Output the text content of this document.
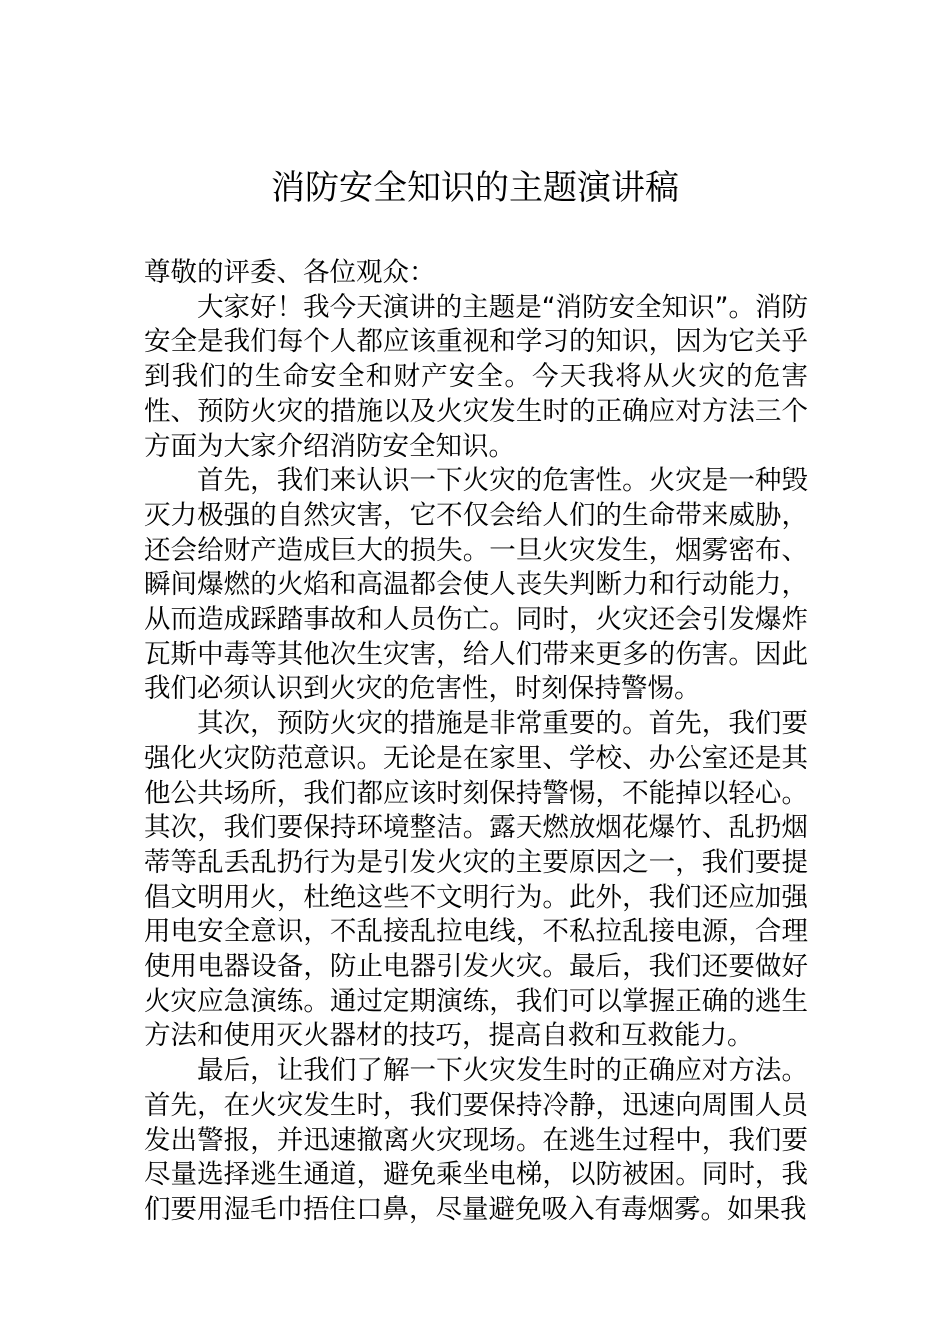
消防安全知识的主题演讲稿

尊敬的评委、各位观众：

大家好！我今天演讲的主题是“消防安全知识”。消防安全是我们每个人都应该重视和学习的知识，因为它关乎到我们的生命安全和财产安全。今天我将从火灾的危害性、预防火灾的措施以及火灾发生时的正确应对方法三个方面为大家介绍消防安全知识。

首先，我们来认识一下火灾的危害性。火灾是一种毁灭力极强的自然灾害，它不仅会给人们的生命带来威胁，还会给财产造成巨大的损失。一旦火灾发生，烟雾密布、瞬间爆燃的火焰和高温都会使人丧失判断力和行动能力，从而造成踩踏事故和人员伤亡。同时，火灾还会引发爆炸瓦斯中毒等其他次生灾害，给人们带来更多的伤害。因此我们必须认识到火灾的危害性，时刻保持警惕。

其次，预防火灾的措施是非常重要的。首先，我们要强化火灾防范意识。无论是在家里、学校、办公室还是其他公共场所，我们都应该时刻保持警惕，不能掉以轻心。其次，我们要保持环境整洁。露天燃放烟花爆竹、乱扔烟蒂等乱丢乱扔行为是引发火灾的主要原因之一，我们要提倡文明用火，杜绝这些不文明行为。此外，我们还应加强用电安全意识，不乱接乱拉电线，不私拉乱接电源，合理使用电器设备，防止电器引发火灾。最后，我们还要做好火灾应急演练。通过定期演练，我们可以掌握正确的逃生方法和使用灭火器材的技巧，提高自救和互救能力。

最后，让我们了解一下火灾发生时的正确应对方法。首先，在火灾发生时，我们要保持冷静，迅速向周围人员发出警报，并迅速撤离火灾现场。在逃生过程中，我们要尽量选择逃生通道，避免乘坐电梯，以防被困。同时，我们要用湿毛巾捂住口鼻，尽量避免吸入有毒烟雾。如果我
